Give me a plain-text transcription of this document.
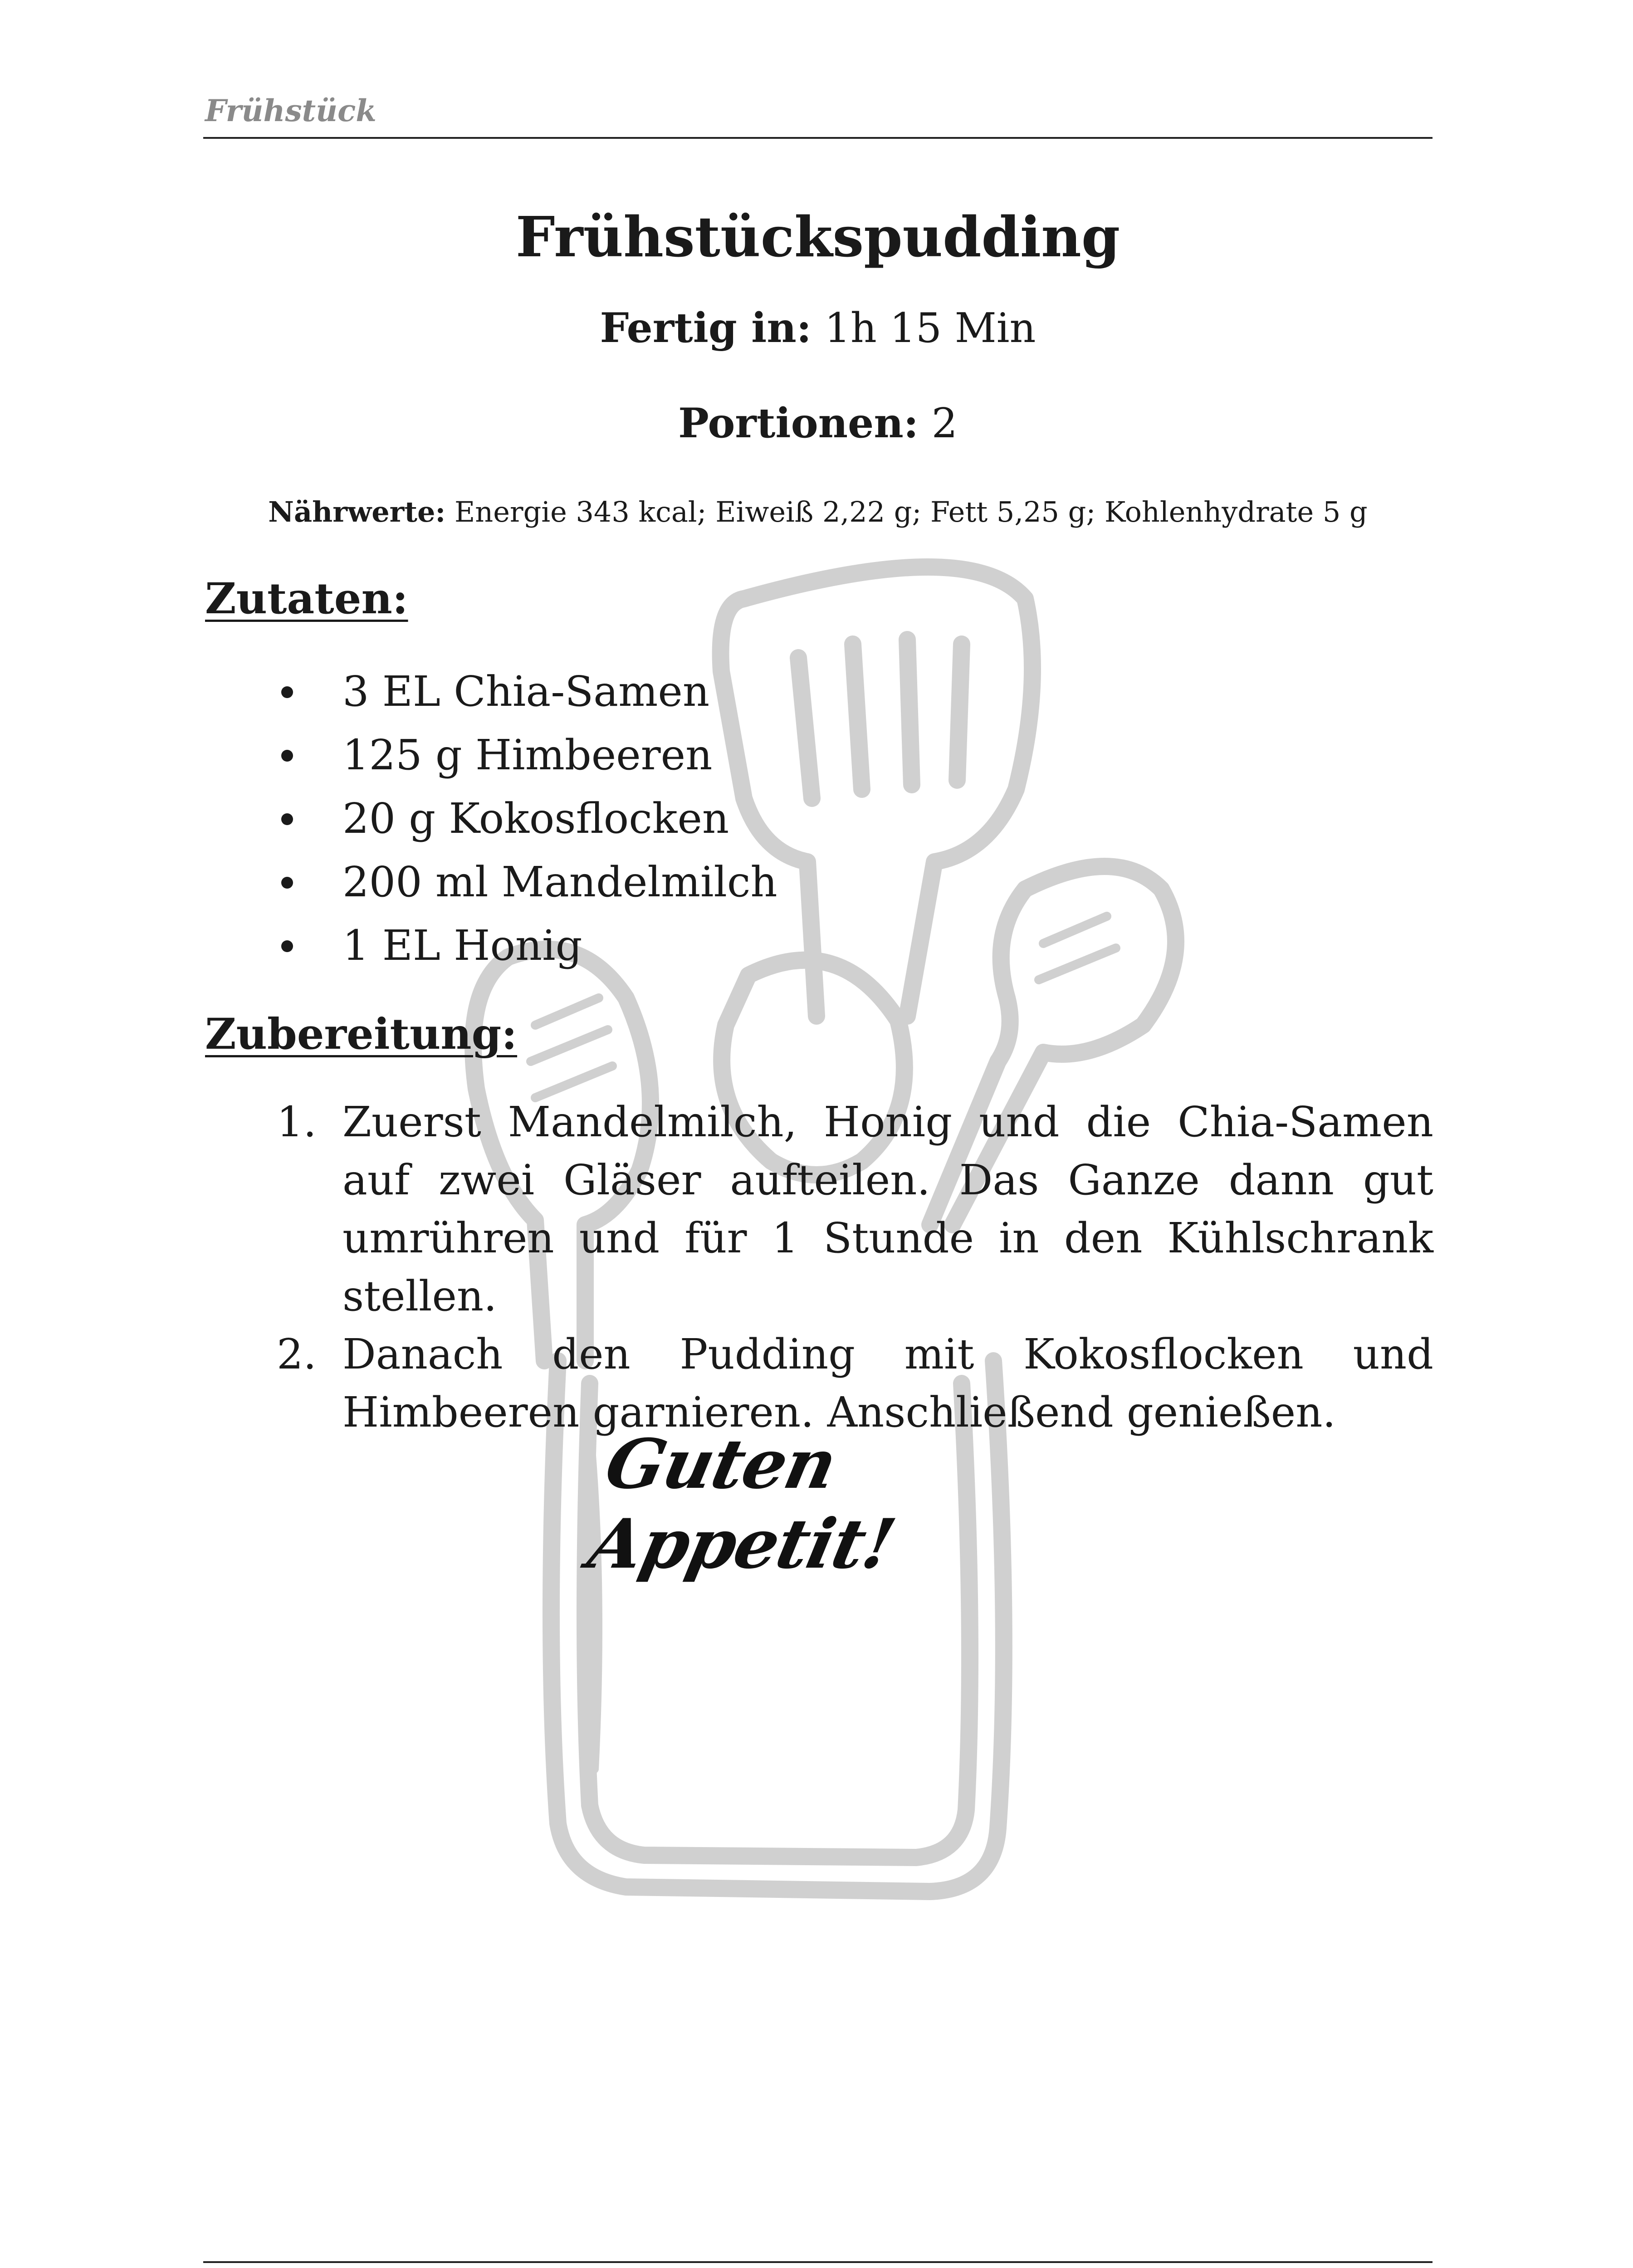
Frühstück
Frühstückspudding
Fertig in: 1h 15 Min
Portionen: 2
Nährwerte: Energie 343 kcal; Eiweiß 2,22 g; Fett 5,25 g; Kohlenhydrate 5 g
Zutaten:
3 EL Chia-Samen
125 g Himbeeren
20 g Kokosflocken
200 ml Mandelmilch
1 EL Honig
Zubereitung:
1. Zuerst Mandelmilch, Honig und die Chia-Samen auf zwei Gläser aufteilen. Das Ganze dann gut umrühren und für 1 Stunde in den Kühlschrank stellen.
2. Danach den Pudding mit Kokosflocken und Himbeeren garnieren. Anschließend genießen.
Guten Appetit!
